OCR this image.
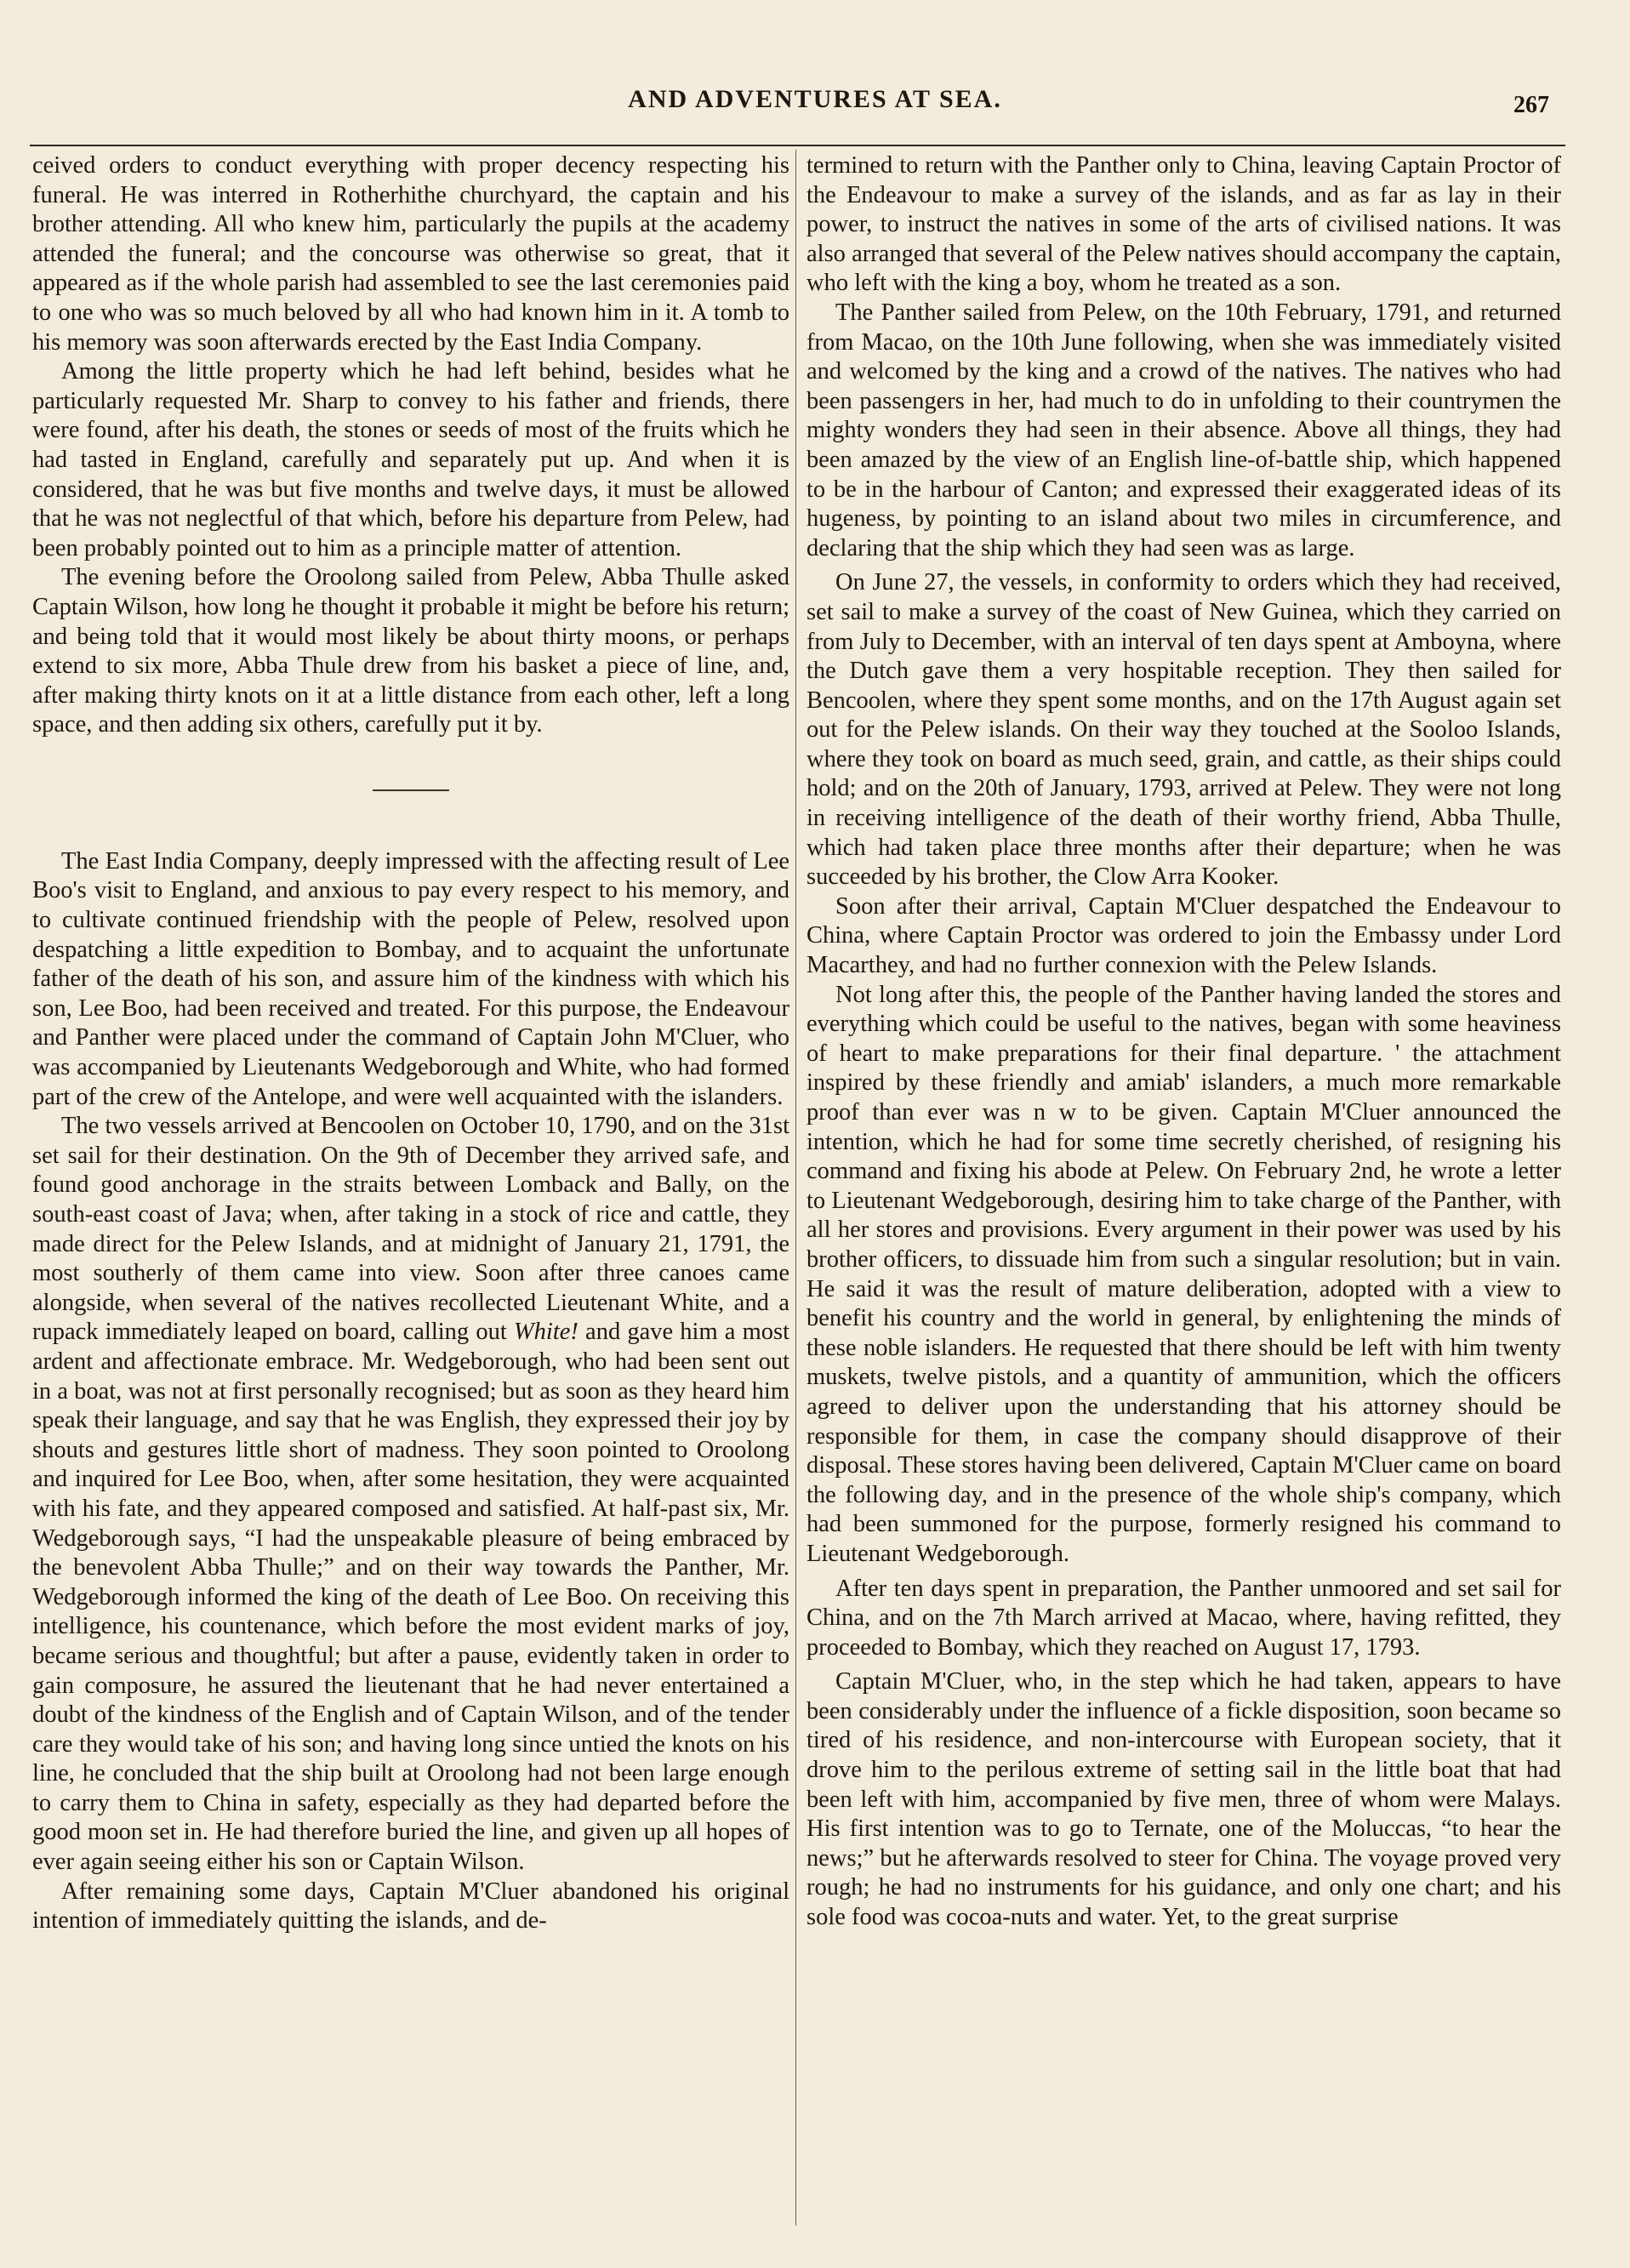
AND ADVENTURES AT SEA.	267

ceived orders to conduct everything with proper decency respecting his funeral. He was interred in Rotherhithe churchyard, the captain and his brother attending. All who knew him, particularly the pupils at the academy attended the funeral; and the concourse was otherwise so great, that it appeared as if the whole parish had assembled to see the last ceremonies paid to one who was so much beloved by all who had known him in it. A tomb to his memory was soon afterwards erected by the East India Company.

Among the little property which he had left behind, besides what he particularly requested Mr. Sharp to convey to his father and friends, there were found, after his death, the stones or seeds of most of the fruits which he had tasted in England, carefully and separately put up. And when it is considered, that he was but five months and twelve days, it must be allowed that he was not neglectful of that which, before his departure from Pelew, had been probably pointed out to him as a principle matter of attention.

The evening before the Oroolong sailed from Pelew, Abba Thulle asked Captain Wilson, how long he thought it probable it might be before his return; and being told that it would most likely be about thirty moons, or perhaps extend to six more, Abba Thule drew from his basket a piece of line, and, after making thirty knots on it at a little distance from each other, left a long space, and then adding six others, carefully put it by.

The East India Company, deeply impressed with the affecting result of Lee Boo's visit to England, and anxious to pay every respect to his memory, and to cultivate continued friendship with the people of Pelew, resolved upon despatching a little expedition to Bombay, and to acquaint the unfortunate father of the death of his son, and assure him of the kindness with which his son, Lee Boo, had been received and treated. For this purpose, the Endeavour and Panther were placed under the command of Captain John M'Cluer, who was accompanied by Lieutenants Wedgeborough and White, who had formed part of the crew of the Antelope, and were well acquainted with the islanders.

The two vessels arrived at Bencoolen on October 10, 1790, and on the 31st set sail for their destination. On the 9th of December they arrived safe, and found good anchorage in the straits between Lomback and Bally, on the south-east coast of Java; when, after taking in a stock of rice and cattle, they made direct for the Pelew Islands, and at midnight of January 21, 1791, the most southerly of them came into view. Soon after three canoes came alongside, when several of the natives recollected Lieutenant White, and a rupack immediately leaped on board, calling out White! and gave him a most ardent and affectionate embrace. Mr. Wedgeborough, who had been sent out in a boat, was not at first personally recognised; but as soon as they heard him speak their language, and say that he was English, they expressed their joy by shouts and gestures little short of madness. They soon pointed to Oroolong and inquired for Lee Boo, when, after some hesitation, they were acquainted with his fate, and they appeared composed and satisfied. At half-past six, Mr. Wedgeborough says, “I had the unspeakable pleasure of being embraced by the benevolent Abba Thulle;” and on their way towards the Panther, Mr. Wedgeborough informed the king of the death of Lee Boo. On receiving this intelligence, his countenance, which before the most evident marks of joy, became serious and thoughtful; but after a pause, evidently taken in order to gain composure, he assured the lieutenant that he had never entertained a doubt of the kindness of the English and of Captain Wilson, and of the tender care they would take of his son; and having long since untied the knots on his line, he concluded that the ship built at Oroolong had not been large enough to carry them to China in safety, especially as they had departed before the good moon set in. He had therefore buried the line, and given up all hopes of ever again seeing either his son or Captain Wilson.

After remaining some days, Captain M'Cluer abandoned his original intention of immediately quitting the islands, and de-

termined to return with the Panther only to China, leaving Captain Proctor of the Endeavour to make a survey of the islands, and as far as lay in their power, to instruct the natives in some of the arts of civilised nations. It was also arranged that several of the Pelew natives should accompany the captain, who left with the king a boy, whom he treated as a son.

The Panther sailed from Pelew, on the 10th February, 1791, and returned from Macao, on the 10th June following, when she was immediately visited and welcomed by the king and a crowd of the natives. The natives who had been passengers in her, had much to do in unfolding to their countrymen the mighty wonders they had seen in their absence. Above all things, they had been amazed by the view of an English line-of-battle ship, which happened to be in the harbour of Canton; and expressed their exaggerated ideas of its hugeness, by pointing to an island about two miles in circumference, and declaring that the ship which they had seen was as large.

On June 27, the vessels, in conformity to orders which they had received, set sail to make a survey of the coast of New Guinea, which they carried on from July to December, with an interval of ten days spent at Amboyna, where the Dutch gave them a very hospitable reception. They then sailed for Bencoolen, where they spent some months, and on the 17th August again set out for the Pelew islands. On their way they touched at the Sooloo Islands, where they took on board as much seed, grain, and cattle, as their ships could hold; and on the 20th of January, 1793, arrived at Pelew. They were not long in receiving intelligence of the death of their worthy friend, Abba Thulle, which had taken place three months after their departure; when he was succeeded by his brother, the Clow Arra Kooker.

Soon after their arrival, Captain M'Cluer despatched the Endeavour to China, where Captain Proctor was ordered to join the Embassy under Lord Macarthey, and had no further connexion with the Pelew Islands.

Not long after this, the people of the Panther having landed the stores and everything which could be useful to the natives, began with some heaviness of heart to make preparations for their final departure. ' the attachment inspired by these friendly and amiab' islanders, a much more remarkable proof than ever was n w to be given. Captain M'Cluer announced the intention, which he had for some time secretly cherished, of resigning his command and fixing his abode at Pelew. On February 2nd, he wrote a letter to Lieutenant Wedgeborough, desiring him to take charge of the Panther, with all her stores and provisions. Every argument in their power was used by his brother officers, to dissuade him from such a singular resolution; but in vain. He said it was the result of mature deliberation, adopted with a view to benefit his country and the world in general, by enlightening the minds of these noble islanders. He requested that there should be left with him twenty muskets, twelve pistols, and a quantity of ammunition, which the officers agreed to deliver upon the understanding that his attorney should be responsible for them, in case the company should disapprove of their disposal. These stores having been delivered, Captain M'Cluer came on board the following day, and in the presence of the whole ship's company, which had been summoned for the purpose, formerly resigned his command to Lieutenant Wedgeborough.

After ten days spent in preparation, the Panther unmoored and set sail for China, and on the 7th March arrived at Macao, where, having refitted, they proceeded to Bombay, which they reached on August 17, 1793.

Captain M'Cluer, who, in the step which he had taken, appears to have been considerably under the influence of a fickle disposition, soon became so tired of his residence, and non-intercourse with European society, that it drove him to the perilous extreme of setting sail in the little boat that had been left with him, accompanied by five men, three of whom were Malays. His first intention was to go to Ternate, one of the Moluccas, “to hear the news;” but he afterwards resolved to steer for China. The voyage proved very rough; he had no instruments for his guidance, and only one chart; and his sole food was cocoa-nuts and water. Yet, to the great surprise
